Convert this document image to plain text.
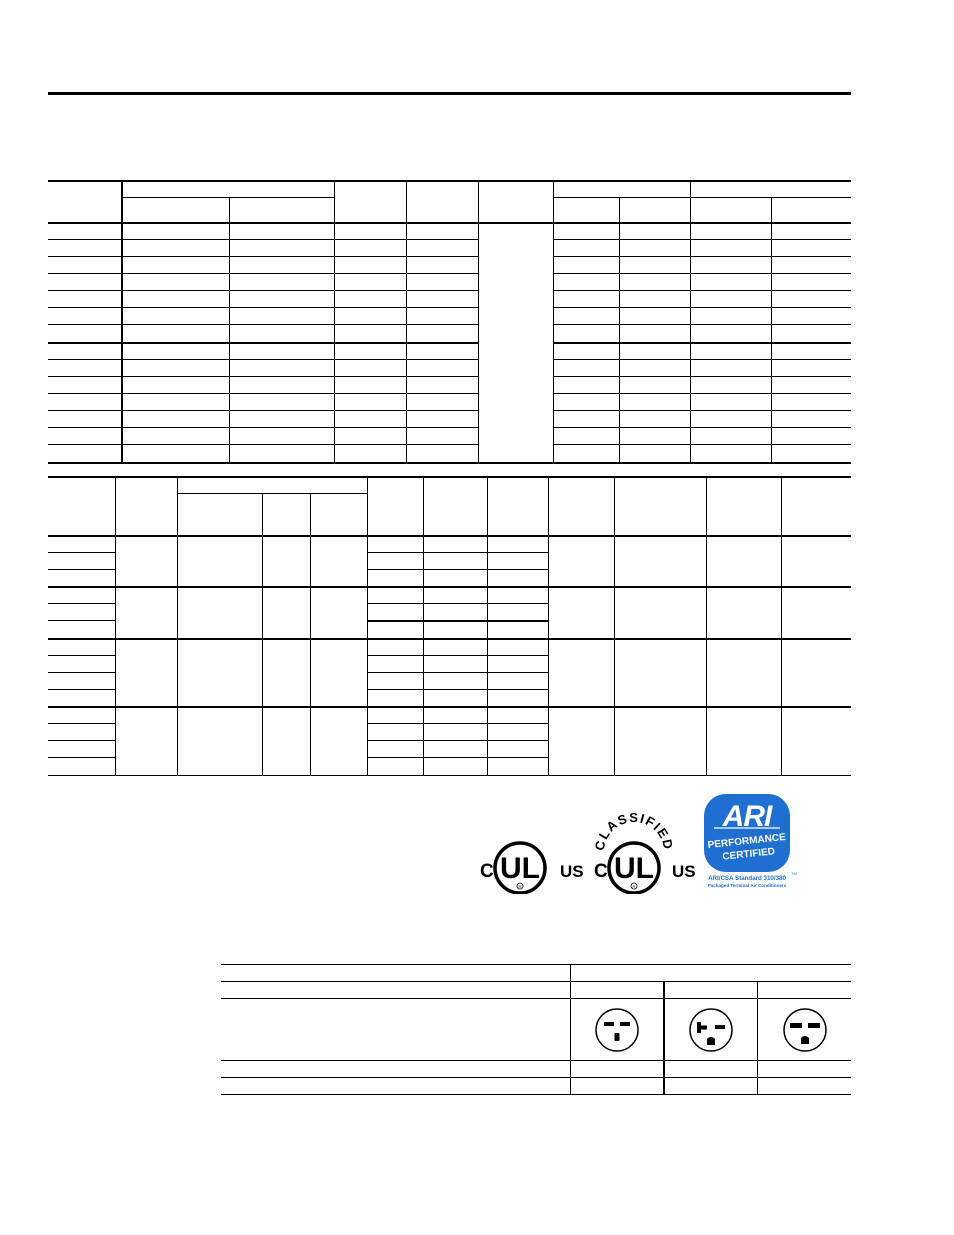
C UL
R
US
CLASSIFIED
C UL
R
US
ARI
PERFORMANCE
CERTIFIED
TM
ARI/CSA Standard 310/380
Packaged Terminal Air Conditioners
